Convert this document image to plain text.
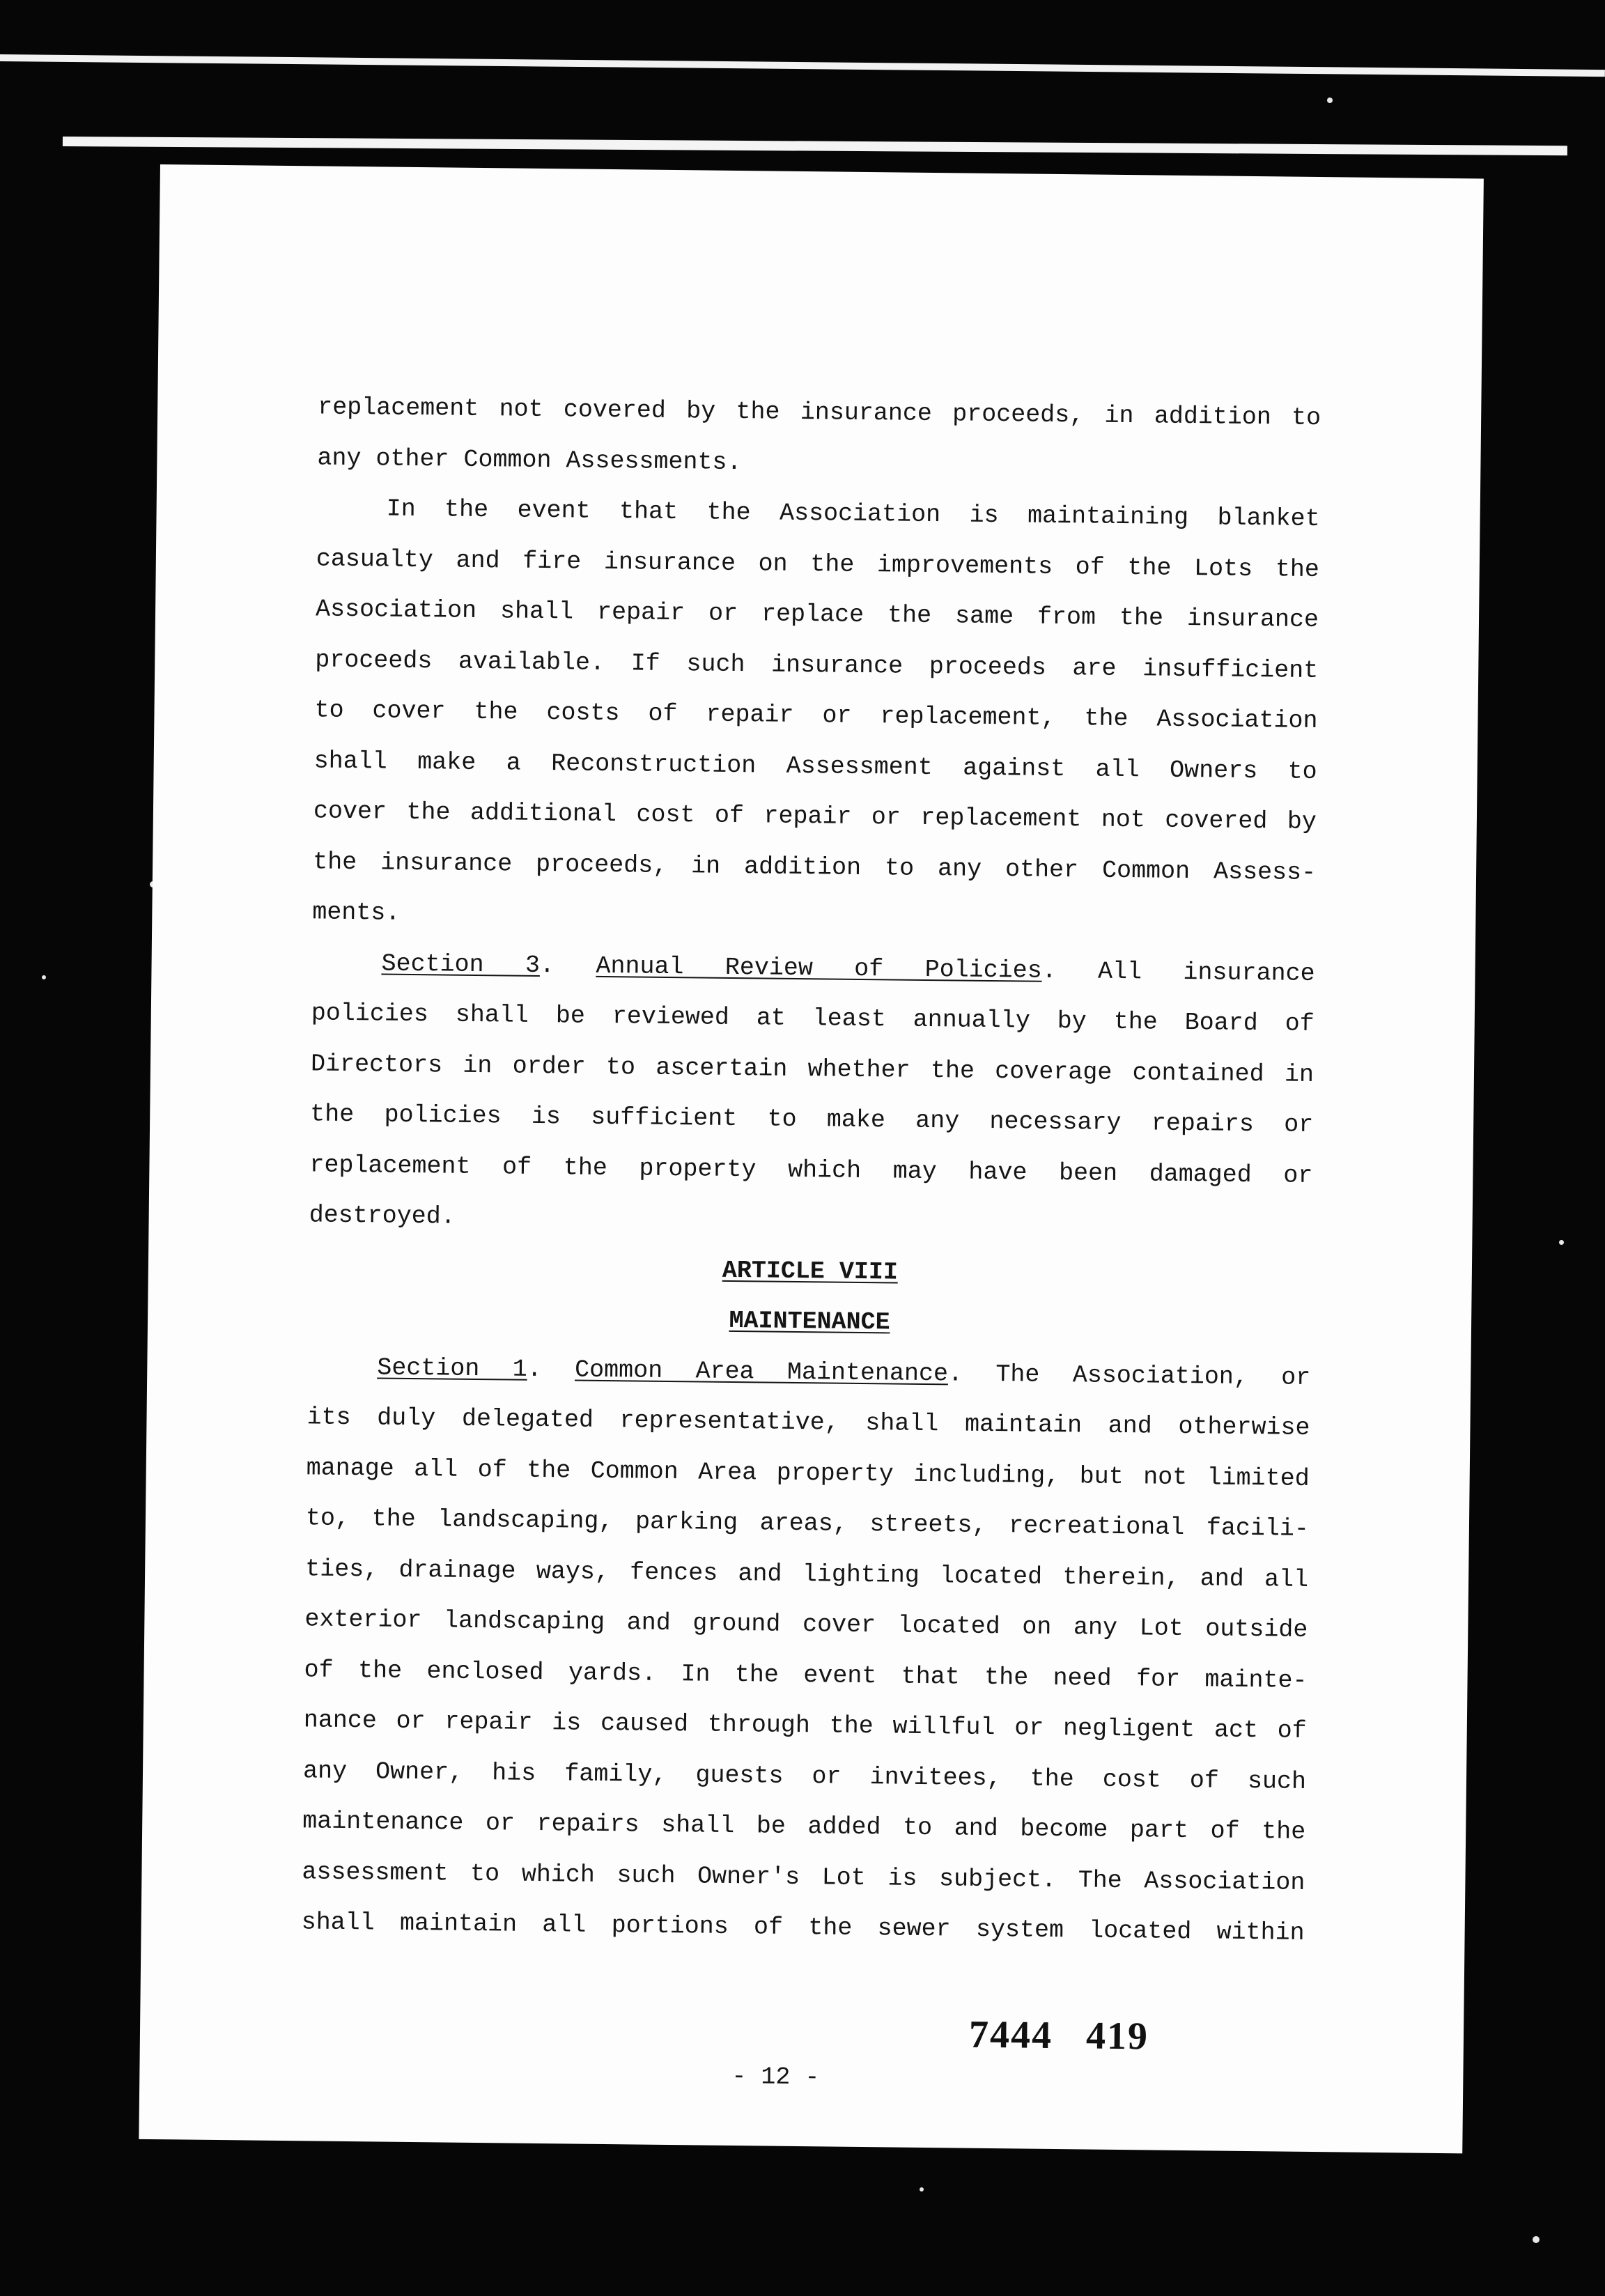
replacement not covered by the insurance proceeds, in addition to
any other Common Assessments.
In the event that the Association is maintaining blanket
casualty and fire insurance on the improvements of the Lots the
Association shall repair or replace the same from the insurance
proceeds available. If such insurance proceeds are insufficient
to cover the costs of repair or replacement, the Association
shall make a Reconstruction Assessment against all Owners to
cover the additional cost of repair or replacement not covered by
the insurance proceeds, in addition to any other Common Assess-
ments.
Section 3. Annual Review of Policies. All insurance
policies shall be reviewed at least annually by the Board of
Directors in order to ascertain whether the coverage contained in
the policies is sufficient to make any necessary repairs or
replacement of the property which may have been damaged or
destroyed.
ARTICLE VIII
MAINTENANCE
Section 1. Common Area Maintenance. The Association, or
its duly delegated representative, shall maintain and otherwise
manage all of the Common Area property including, but not limited
to, the landscaping, parking areas, streets, recreational facili-
ties, drainage ways, fences and lighting located therein, and all
exterior landscaping and ground cover located on any Lot outside
of the enclosed yards. In the event that the need for mainte-
nance or repair is caused through the willful or negligent act of
any Owner, his family, guests or invitees, the cost of such
maintenance or repairs shall be added to and become part of the
assessment to which such Owner's Lot is subject. The Association
shall maintain all portions of the sewer system located within
7444 419
- 12 -
